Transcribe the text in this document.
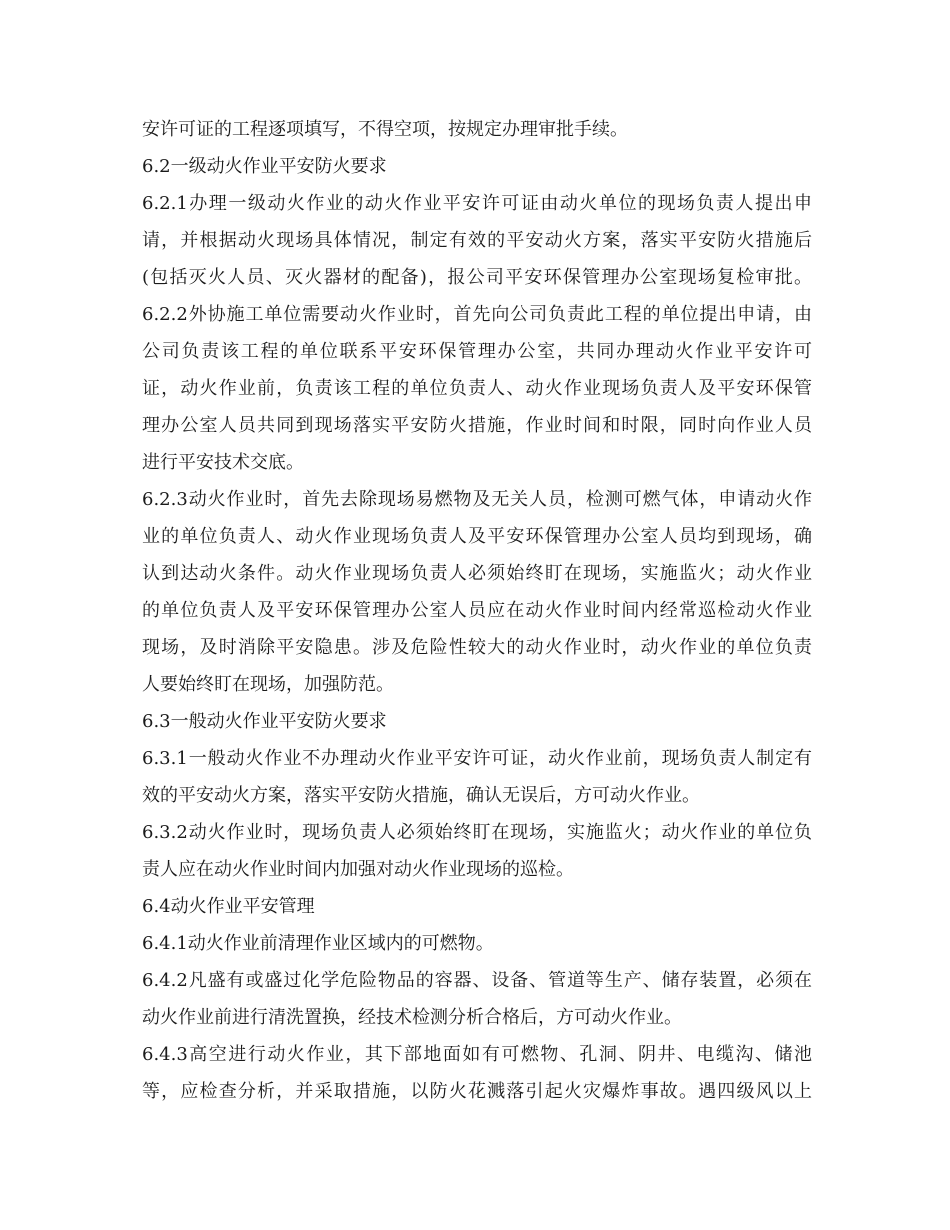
安许可证的工程逐项填写，不得空项，按规定办理审批手续。
6.2一级动火作业平安防火要求
6.2.1办理一级动火作业的动火作业平安许可证由动火单位的现场负责人提出申
请，并根据动火现场具体情况，制定有效的平安动火方案，落实平安防火措施后
(包括灭火人员、灭火器材的配备)，报公司平安环保管理办公室现场复检审批。
6.2.2外协施工单位需要动火作业时，首先向公司负责此工程的单位提出申请，由
公司负责该工程的单位联系平安环保管理办公室，共同办理动火作业平安许可
证，动火作业前，负责该工程的单位负责人、动火作业现场负责人及平安环保管
理办公室人员共同到现场落实平安防火措施，作业时间和时限，同时向作业人员
进行平安技术交底。
6.2.3动火作业时，首先去除现场易燃物及无关人员，检测可燃气体，申请动火作
业的单位负责人、动火作业现场负责人及平安环保管理办公室人员均到现场，确
认到达动火条件。动火作业现场负责人必须始终盯在现场，实施监火；动火作业
的单位负责人及平安环保管理办公室人员应在动火作业时间内经常巡检动火作业
现场，及时消除平安隐患。涉及危险性较大的动火作业时，动火作业的单位负责
人要始终盯在现场，加强防范。
6.3一般动火作业平安防火要求
6.3.1一般动火作业不办理动火作业平安许可证，动火作业前，现场负责人制定有
效的平安动火方案，落实平安防火措施，确认无误后，方可动火作业。
6.3.2动火作业时，现场负责人必须始终盯在现场，实施监火；动火作业的单位负
责人应在动火作业时间内加强对动火作业现场的巡检。
6.4动火作业平安管理
6.4.1动火作业前清理作业区域内的可燃物。
6.4.2凡盛有或盛过化学危险物品的容器、设备、管道等生产、储存装置，必须在
动火作业前进行清洗置换，经技术检测分析合格后，方可动火作业。
6.4.3高空进行动火作业，其下部地面如有可燃物、孔洞、阴井、电缆沟、储池
等，应检查分析，并采取措施，以防火花溅落引起火灾爆炸事故。遇四级风以上
